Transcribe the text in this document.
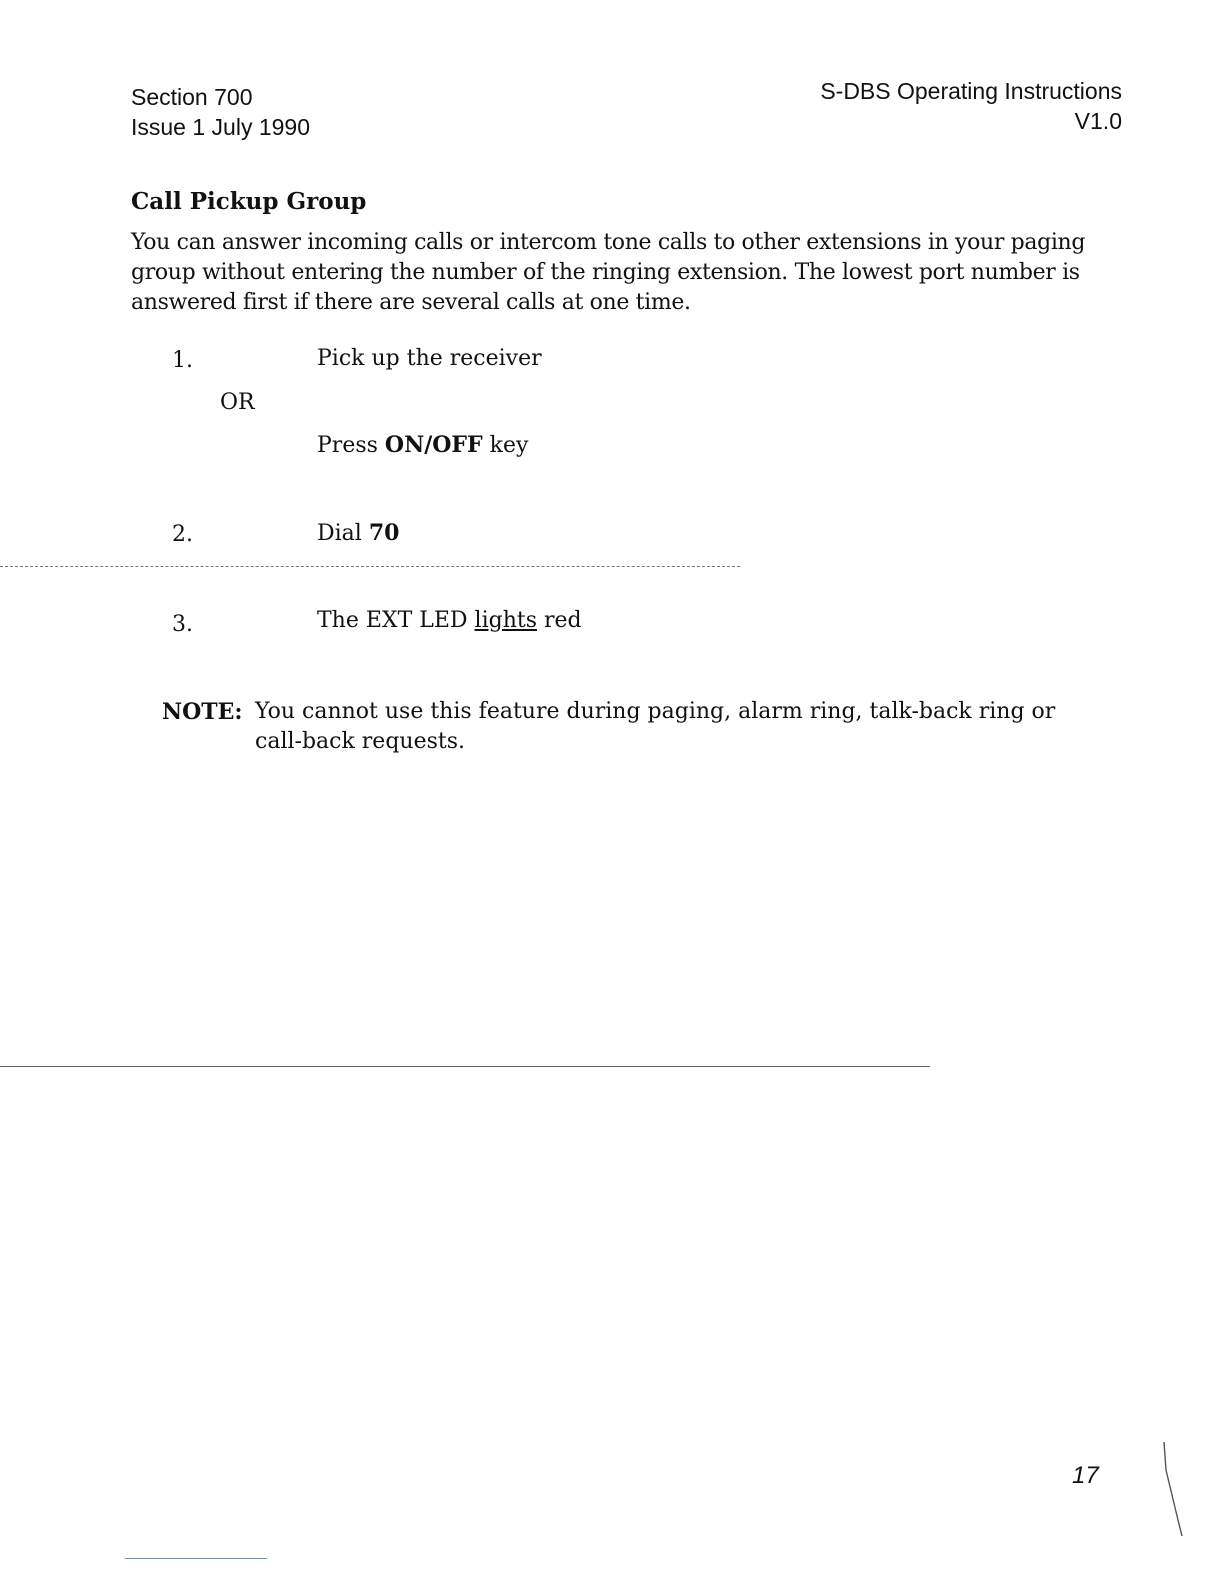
Section 700
Issue 1 July 1990
S-DBS Operating Instructions
V1.0
Call Pickup Group
You can answer incoming calls or intercom tone calls to other extensions in your paging group without entering the number of the ringing extension. The lowest port number is answered first if there are several calls at one time.
1.	Pick up the receiver
OR
Press ON/OFF key
2.	Dial 70
3.	The EXT LED lights red
NOTE: You cannot use this feature during paging, alarm ring, talk-back ring or
call-back requests.
17
